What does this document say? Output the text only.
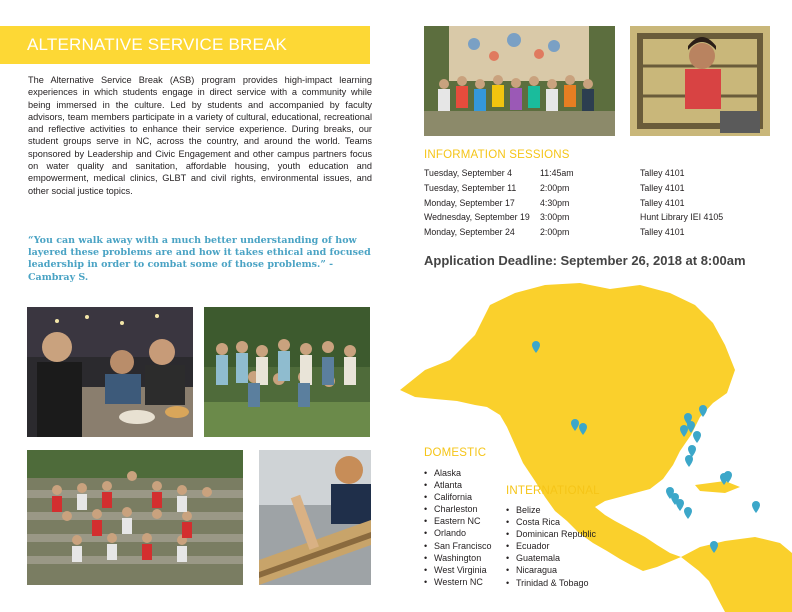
ALTERNATIVE SERVICE BREAK
The Alternative Service Break (ASB) program provides high-impact learning experiences in which students engage in direct service with a community while being immersed in the culture. Led by students and accompanied by faculty advisors, team members participate in a variety of cultural, educational, recreational and reflective activities to enhance their service experience. During breaks, our student groups serve in NC, across the country, and around the world. Teams sponsored by Leadership and Civic Engagement and other campus partners focus on water quality and sanitation, affordable housing, youth education and empowerment, medical clinics, GLBT and civil rights, environmental issues, and other social justice topics.
“You can walk away with a much better understanding of how layered these problems are and how it takes ethical and focused leadership in order to combat some of those problems.” -Cambray S.
INFORMATION SESSIONS
Tuesday, September 4	11:45am	Talley 4101
Tuesday, September 11	2:00pm	Talley 4101
Monday, September 17	4:30pm	Talley 4101
Wednesday, September 19 3:00pm	Hunt Library IEI 4105
Monday, September 24	2:00pm	Talley 4101
Application Deadline: September 26, 2018 at 8:00am
DOMESTIC
• Alaska
• Atlanta
• California
• Charleston
• Eastern NC
• Orlando
• San Francisco
• Washington
• West Virginia
• Western NC
INTERNATIONAL
• Belize
• Costa Rica
• Dominican Republic
• Ecuador
• Guatemala
• Nicaragua
• Trinidad & Tobago
